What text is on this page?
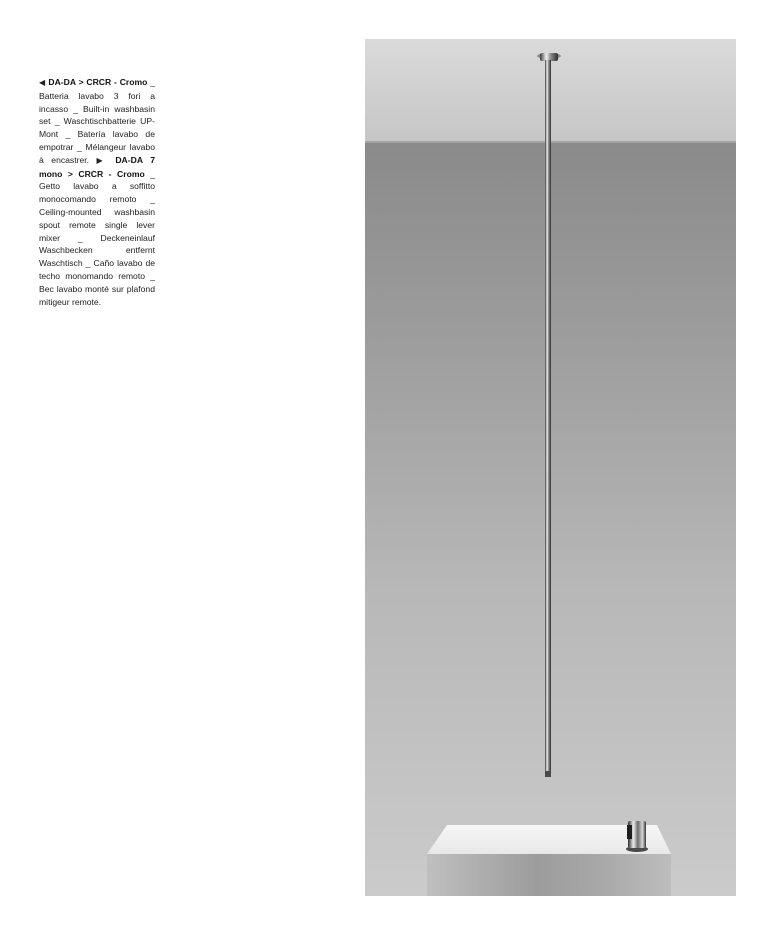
◀ DA-DA > CRCR - Cromo _ Batteria lavabo 3 fori a incasso _ Built-in washbasin set _ Waschtischbatterie UP-Mont _ Batería lavabo de empotrar _ Mélangeur lavabo à encastrer. ▶ DA-DA 7 mono > CRCR - Cromo _ Getto lavabo a soffitto monocomando remoto _ Ceiling-mounted washbasin spout remote single lever mixer _ Deckeneinlauf Waschbecken entfernt Waschtisch _ Caño lavabo de techo monomando remoto _ Bec lavabo monté sur plafond mitigeur remote.
